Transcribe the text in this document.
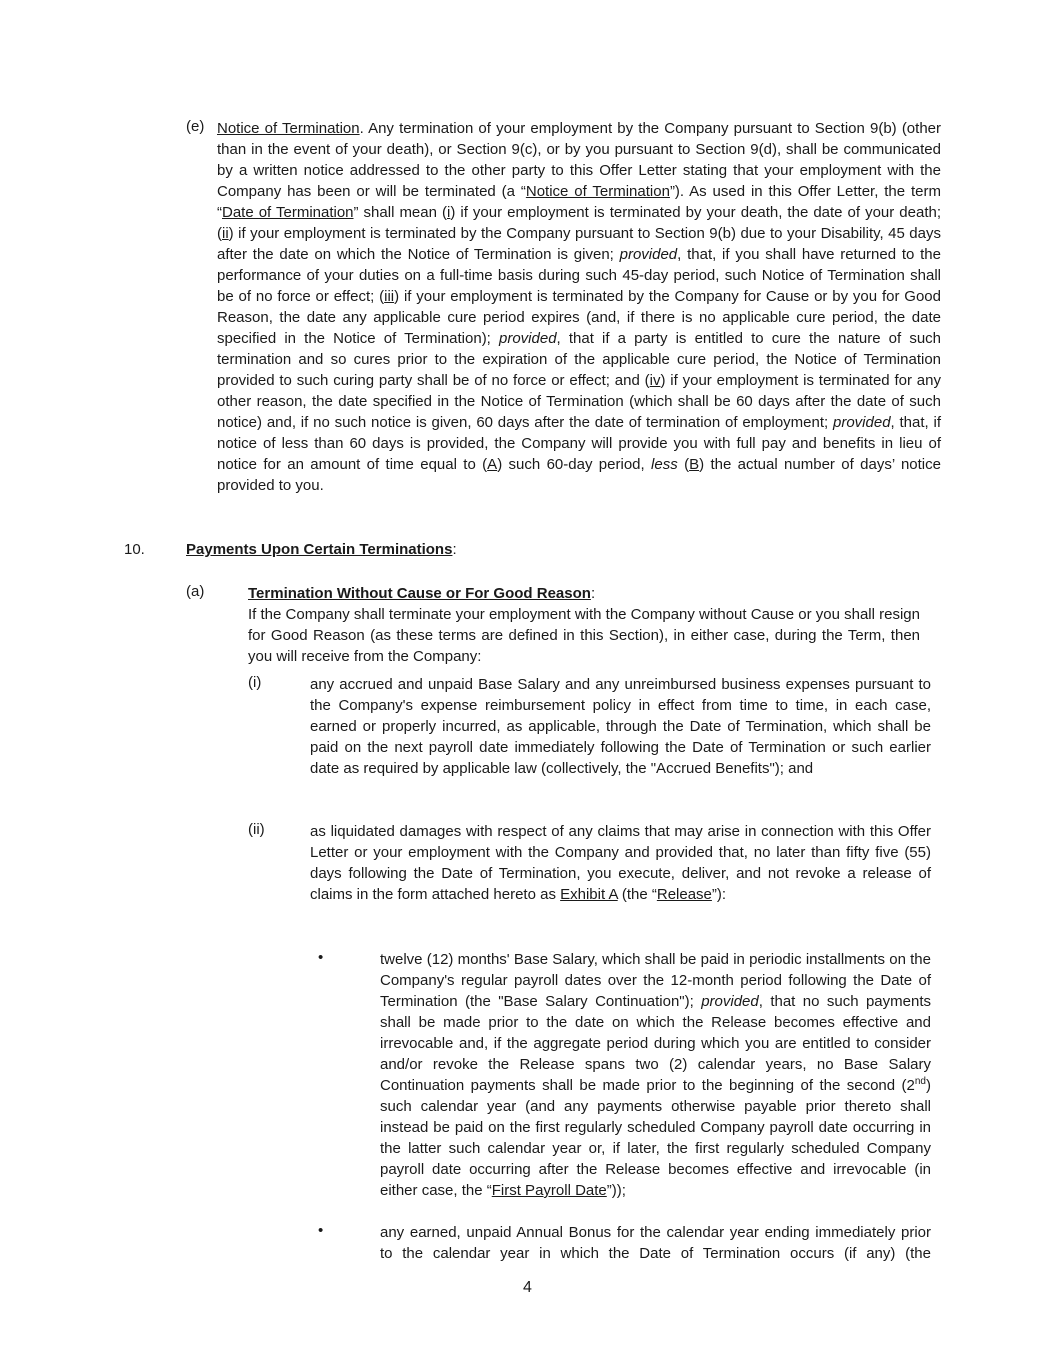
(e) Notice of Termination. Any termination of your employment by the Company pursuant to Section 9(b) (other than in the event of your death), or Section 9(c), or by you pursuant to Section 9(d), shall be communicated by a written notice addressed to the other party to this Offer Letter stating that your employment with the Company has been or will be terminated (a “Notice of Termination”). As used in this Offer Letter, the term “Date of Termination” shall mean (i) if your employment is terminated by your death, the date of your death; (ii) if your employment is terminated by the Company pursuant to Section 9(b) due to your Disability, 45 days after the date on which the Notice of Termination is given; provided, that, if you shall have returned to the performance of your duties on a full-time basis during such 45-day period, such Notice of Termination shall be of no force or effect; (iii) if your employment is terminated by the Company for Cause or by you for Good Reason, the date any applicable cure period expires (and, if there is no applicable cure period, the date specified in the Notice of Termination); provided, that if a party is entitled to cure the nature of such termination and so cures prior to the expiration of the applicable cure period, the Notice of Termination provided to such curing party shall be of no force or effect; and (iv) if your employment is terminated for any other reason, the date specified in the Notice of Termination (which shall be 60 days after the date of such notice) and, if no such notice is given, 60 days after the date of termination of employment; provided, that, if notice of less than 60 days is provided, the Company will provide you with full pay and benefits in lieu of notice for an amount of time equal to (A) such 60-day period, less (B) the actual number of days’ notice provided to you.
10.	Payments Upon Certain Terminations:
(a)	Termination Without Cause or For Good Reason:
If the Company shall terminate your employment with the Company without Cause or you shall resign for Good Reason (as these terms are defined in this Section), in either case, during the Term, then you will receive from the Company:
(i)	any accrued and unpaid Base Salary and any unreimbursed business expenses pursuant to the Company's expense reimbursement policy in effect from time to time, in each case, earned or properly incurred, as applicable, through the Date of Termination, which shall be paid on the next payroll date immediately following the Date of Termination or such earlier date as required by applicable law (collectively, the "Accrued Benefits"); and
(ii)	as liquidated damages with respect of any claims that may arise in connection with this Offer Letter or your employment with the Company and provided that, no later than fifty five (55) days following the Date of Termination, you execute, deliver, and not revoke a release of claims in the form attached hereto as Exhibit A (the “Release”):
•	twelve (12) months' Base Salary, which shall be paid in periodic installments on the Company's regular payroll dates over the 12-month period following the Date of Termination (the "Base Salary Continuation"); provided, that no such payments shall be made prior to the date on which the Release becomes effective and irrevocable and, if the aggregate period during which you are entitled to consider and/or revoke the Release spans two (2) calendar years, no Base Salary Continuation payments shall be made prior to the beginning of the second (2nd) such calendar year (and any payments otherwise payable prior thereto shall instead be paid on the first regularly scheduled Company payroll date occurring in the latter such calendar year or, if later, the first regularly scheduled Company payroll date occurring after the Release becomes effective and irrevocable (in either case, the “First Payroll Date”));
•	any earned, unpaid Annual Bonus for the calendar year ending immediately prior to the calendar year in which the Date of Termination occurs (if any) (the
4
